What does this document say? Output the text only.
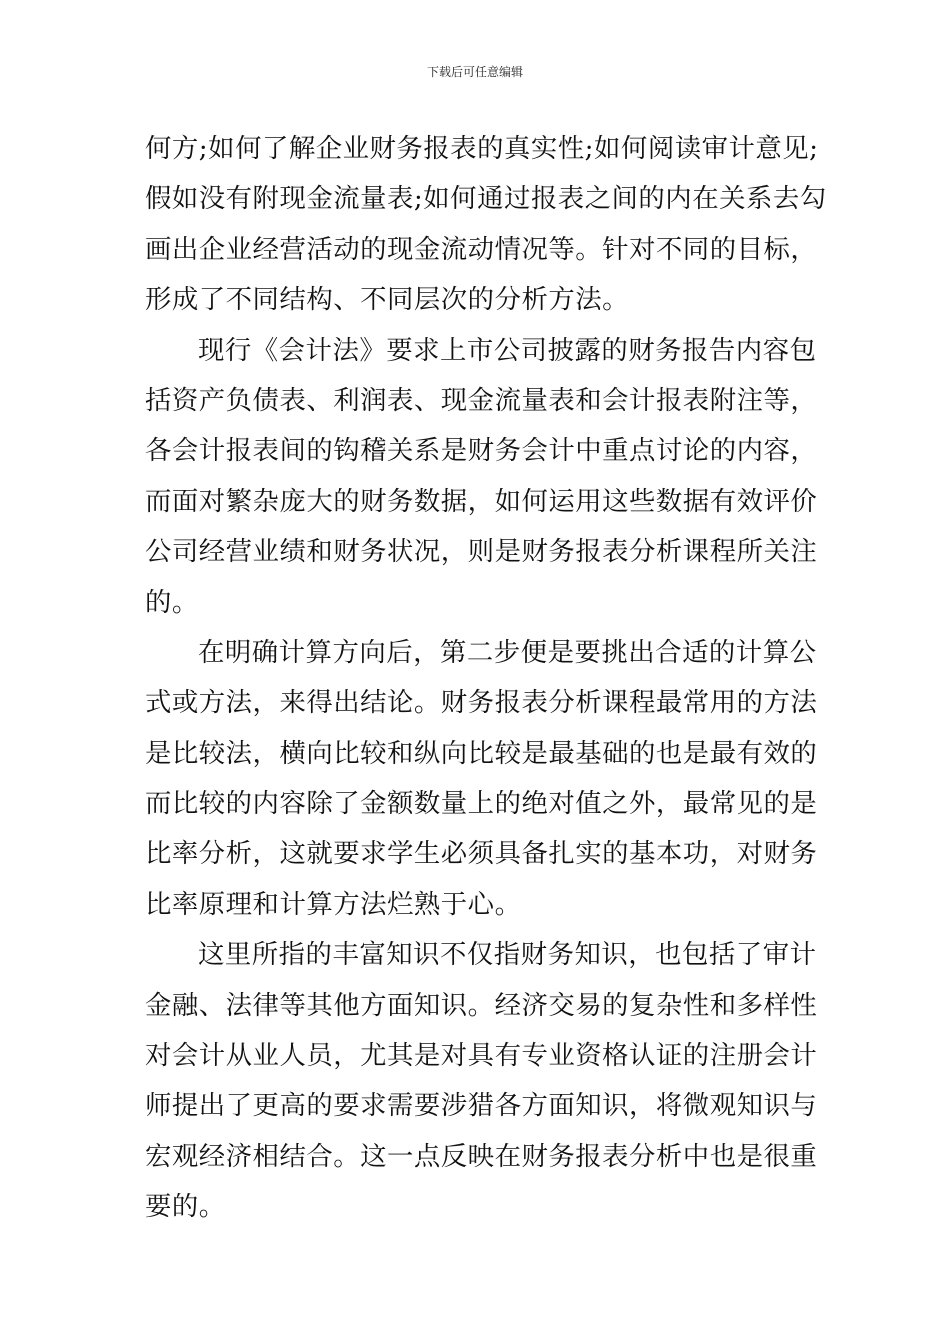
下载后可任意编辑
何方;如何了解企业财务报表的真实性;如何阅读审计意见;
假如没有附现金流量表;如何通过报表之间的内在关系去勾
画出企业经营活动的现金流动情况等。针对不同的目标，
形成了不同结构、不同层次的分析方法。
现行《会计法》要求上市公司披露的财务报告内容包
括资产负债表、利润表、现金流量表和会计报表附注等，
各会计报表间的钩稽关系是财务会计中重点讨论的内容，
而面对繁杂庞大的财务数据，如何运用这些数据有效评价
公司经营业绩和财务状况，则是财务报表分析课程所关注
的。
在明确计算方向后，第二步便是要挑出合适的计算公
式或方法，来得出结论。财务报表分析课程最常用的方法
是比较法，横向比较和纵向比较是最基础的也是最有效的
而比较的内容除了金额数量上的绝对值之外，最常见的是
比率分析，这就要求学生必须具备扎实的基本功，对财务
比率原理和计算方法烂熟于心。
这里所指的丰富知识不仅指财务知识，也包括了审计
金融、法律等其他方面知识。经济交易的复杂性和多样性
对会计从业人员，尤其是对具有专业资格认证的注册会计
师提出了更高的要求需要涉猎各方面知识，将微观知识与
宏观经济相结合。这一点反映在财务报表分析中也是很重
要的。
